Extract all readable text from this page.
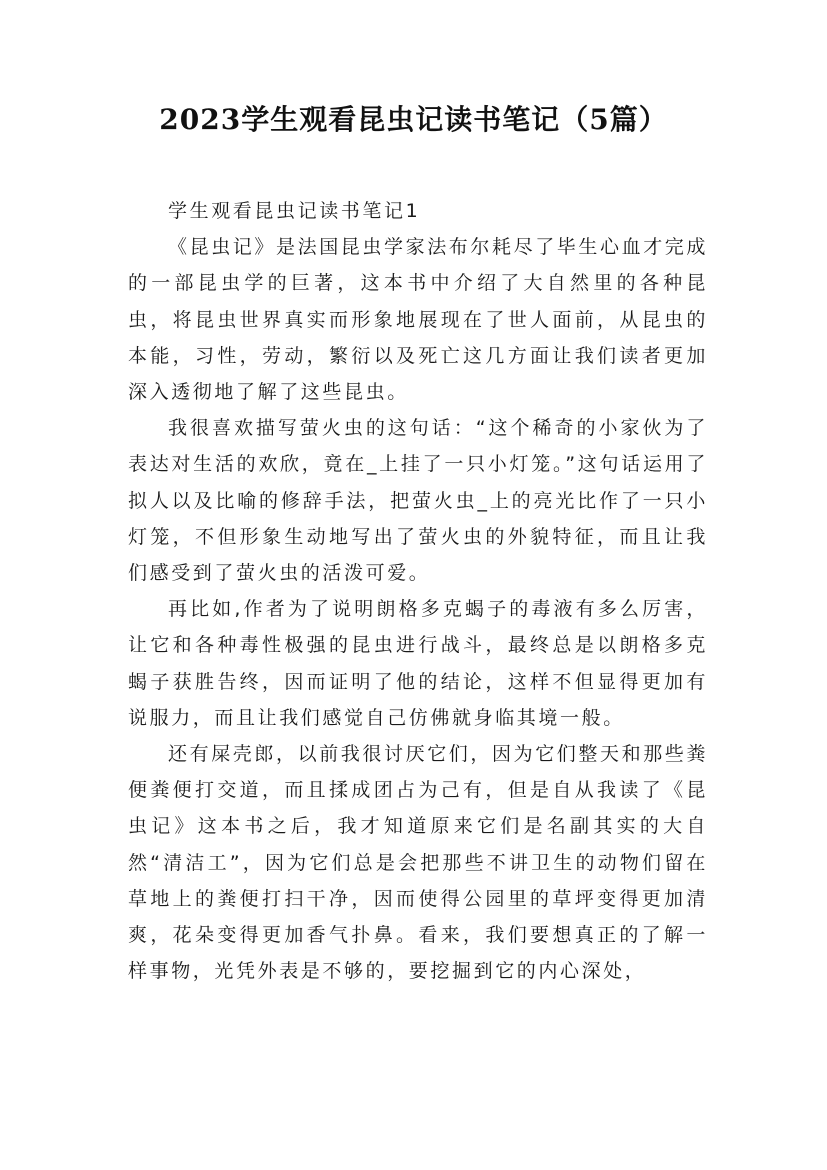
2023学生观看昆虫记读书笔记（5篇）

学生观看昆虫记读书笔记1

《昆虫记》是法国昆虫学家法布尔耗尽了毕生心血才完成的一部昆虫学的巨著，这本书中介绍了大自然里的各种昆虫，将昆虫世界真实而形象地展现在了世人面前，从昆虫的本能，习性，劳动，繁衍以及死亡这几方面让我们读者更加深入透彻地了解了这些昆虫。

我很喜欢描写萤火虫的这句话：“这个稀奇的小家伙为了表达对生活的欢欣，竟在_上挂了一只小灯笼。”这句话运用了拟人以及比喻的修辞手法，把萤火虫_上的亮光比作了一只小灯笼，不但形象生动地写出了萤火虫的外貌特征，而且让我们感受到了萤火虫的活泼可爱。

再比如,作者为了说明朗格多克蝎子的毒液有多么厉害，让它和各种毒性极强的昆虫进行战斗，最终总是以朗格多克蝎子获胜告终，因而证明了他的结论，这样不但显得更加有说服力，而且让我们感觉自己仿佛就身临其境一般。

还有屎壳郎，以前我很讨厌它们，因为它们整天和那些粪便粪便打交道，而且揉成团占为己有，但是自从我读了《昆虫记》这本书之后，我才知道原来它们是名副其实的大自然“清洁工”，因为它们总是会把那些不讲卫生的动物们留在草地上的粪便打扫干净，因而使得公园里的草坪变得更加清爽，花朵变得更加香气扑鼻。看来，我们要想真正的了解一样事物，光凭外表是不够的，要挖掘到它的内心深处，
